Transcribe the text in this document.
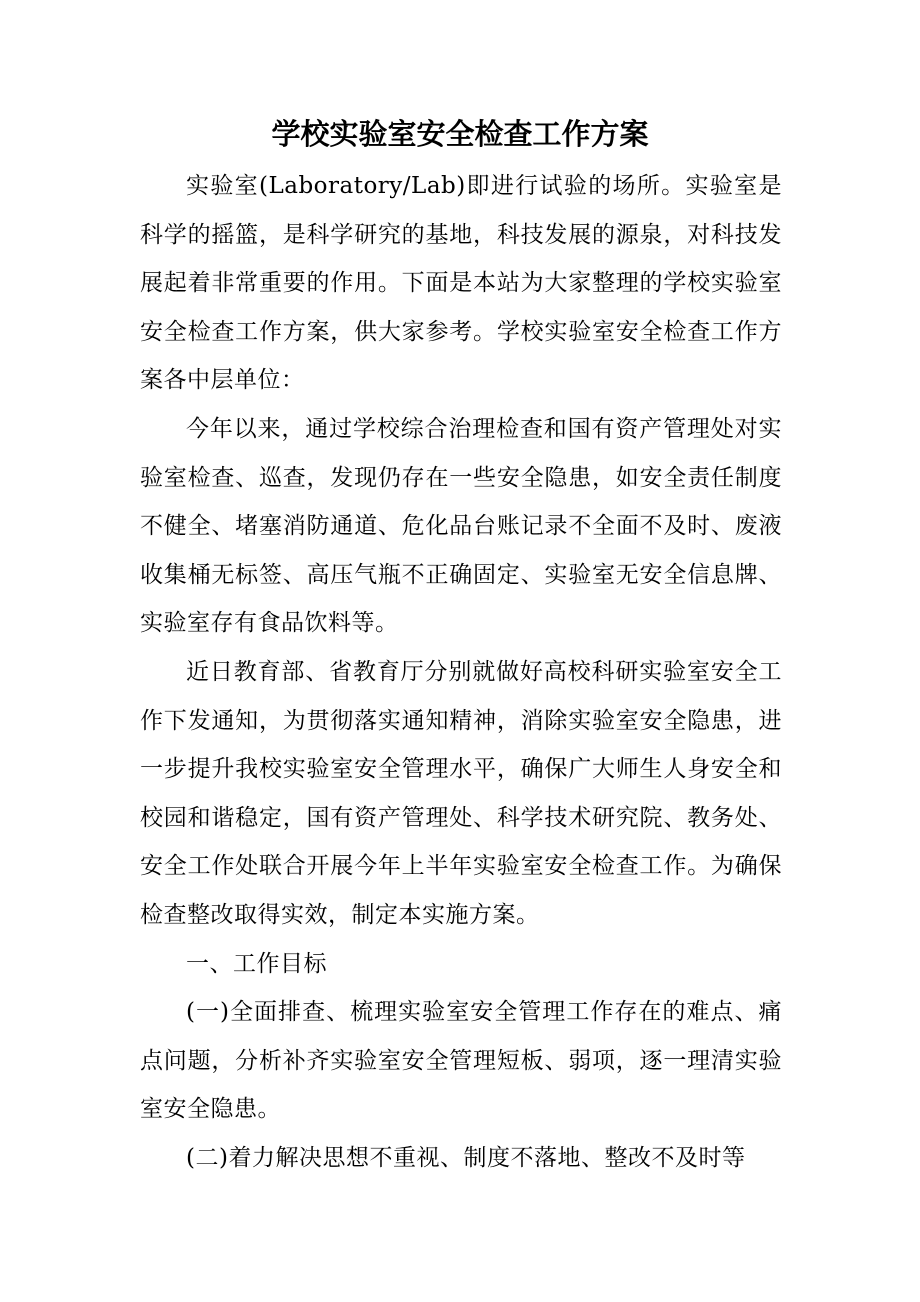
学校实验室安全检查工作方案

实验室(Laboratory/Lab)即进行试验的场所。实验室是科学的摇篮，是科学研究的基地，科技发展的源泉，对科技发展起着非常重要的作用。下面是本站为大家整理的学校实验室安全检查工作方案，供大家参考。学校实验室安全检查工作方案各中层单位：

今年以来，通过学校综合治理检查和国有资产管理处对实验室检查、巡查，发现仍存在一些安全隐患，如安全责任制度不健全、堵塞消防通道、危化品台账记录不全面不及时、废液收集桶无标签、高压气瓶不正确固定、实验室无安全信息牌、实验室存有食品饮料等。

近日教育部、省教育厅分别就做好高校科研实验室安全工作下发通知，为贯彻落实通知精神，消除实验室安全隐患，进一步提升我校实验室安全管理水平，确保广大师生人身安全和校园和谐稳定，国有资产管理处、科学技术研究院、教务处、安全工作处联合开展今年上半年实验室安全检查工作。为确保检查整改取得实效，制定本实施方案。

一、工作目标

(一)全面排查、梳理实验室安全管理工作存在的难点、痛点问题，分析补齐实验室安全管理短板、弱项，逐一理清实验室安全隐患。

(二)着力解决思想不重视、制度不落地、整改不及时等
